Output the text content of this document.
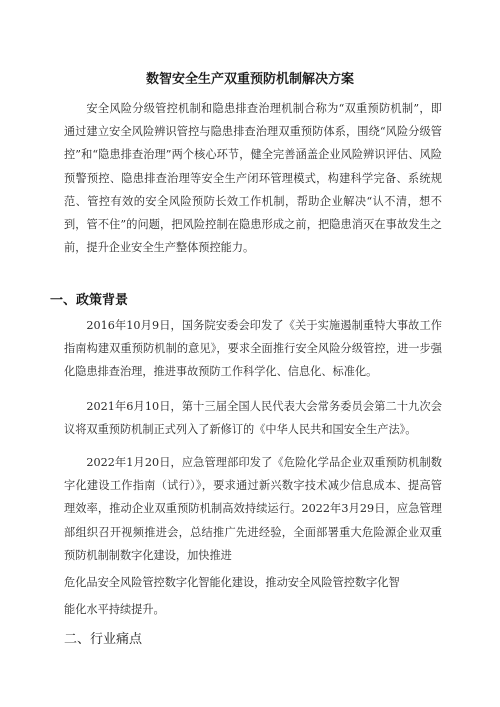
数智安全生产双重预防机制解决方案

安全风险分级管控机制和隐患排查治理机制合称为“双重预防机制”，即通过建立安全风险辨识管控与隐患排查治理双重预防体系，围绕“风险分级管控”和“隐患排查治理”两个核心环节，健全完善涵盖企业风险辨识评估、风险预警预控、隐患排查治理等安全生产闭环管理模式，构建科学完备、系统规范、管控有效的安全风险预防长效工作机制，帮助企业解决“认不清，想不到，管不住”的问题，把风险控制在隐患形成之前，把隐患消灭在事故发生之前，提升企业安全生产整体预控能力。

一、政策背景

2016年10月9日，国务院安委会印发了《关于实施遏制重特大事故工作指南构建双重预防机制的意见》，要求全面推行安全风险分级管控，进一步强化隐患排查治理，推进事故预防工作科学化、信息化、标准化。

2021年6月10日，第十三届全国人民代表大会常务委员会第二十九次会议将双重预防机制正式列入了新修订的《中华人民共和国安全生产法》。

2022年1月20日，应急管理部印发了《危险化学品企业双重预防机制数字化建设工作指南（试行）》，要求通过新兴数字技术减少信息成本、提高管理效率，推动企业双重预防机制高效持续运行。2022年3月29日，应急管理部组织召开视频推进会，总结推广先进经验，全面部署重大危险源企业双重预防机制制数字化建设，加快推进

危化品安全风险管控数字化智能化建设，推动安全风险管控数字化智

能化水平持续提升。

二、行业痛点
